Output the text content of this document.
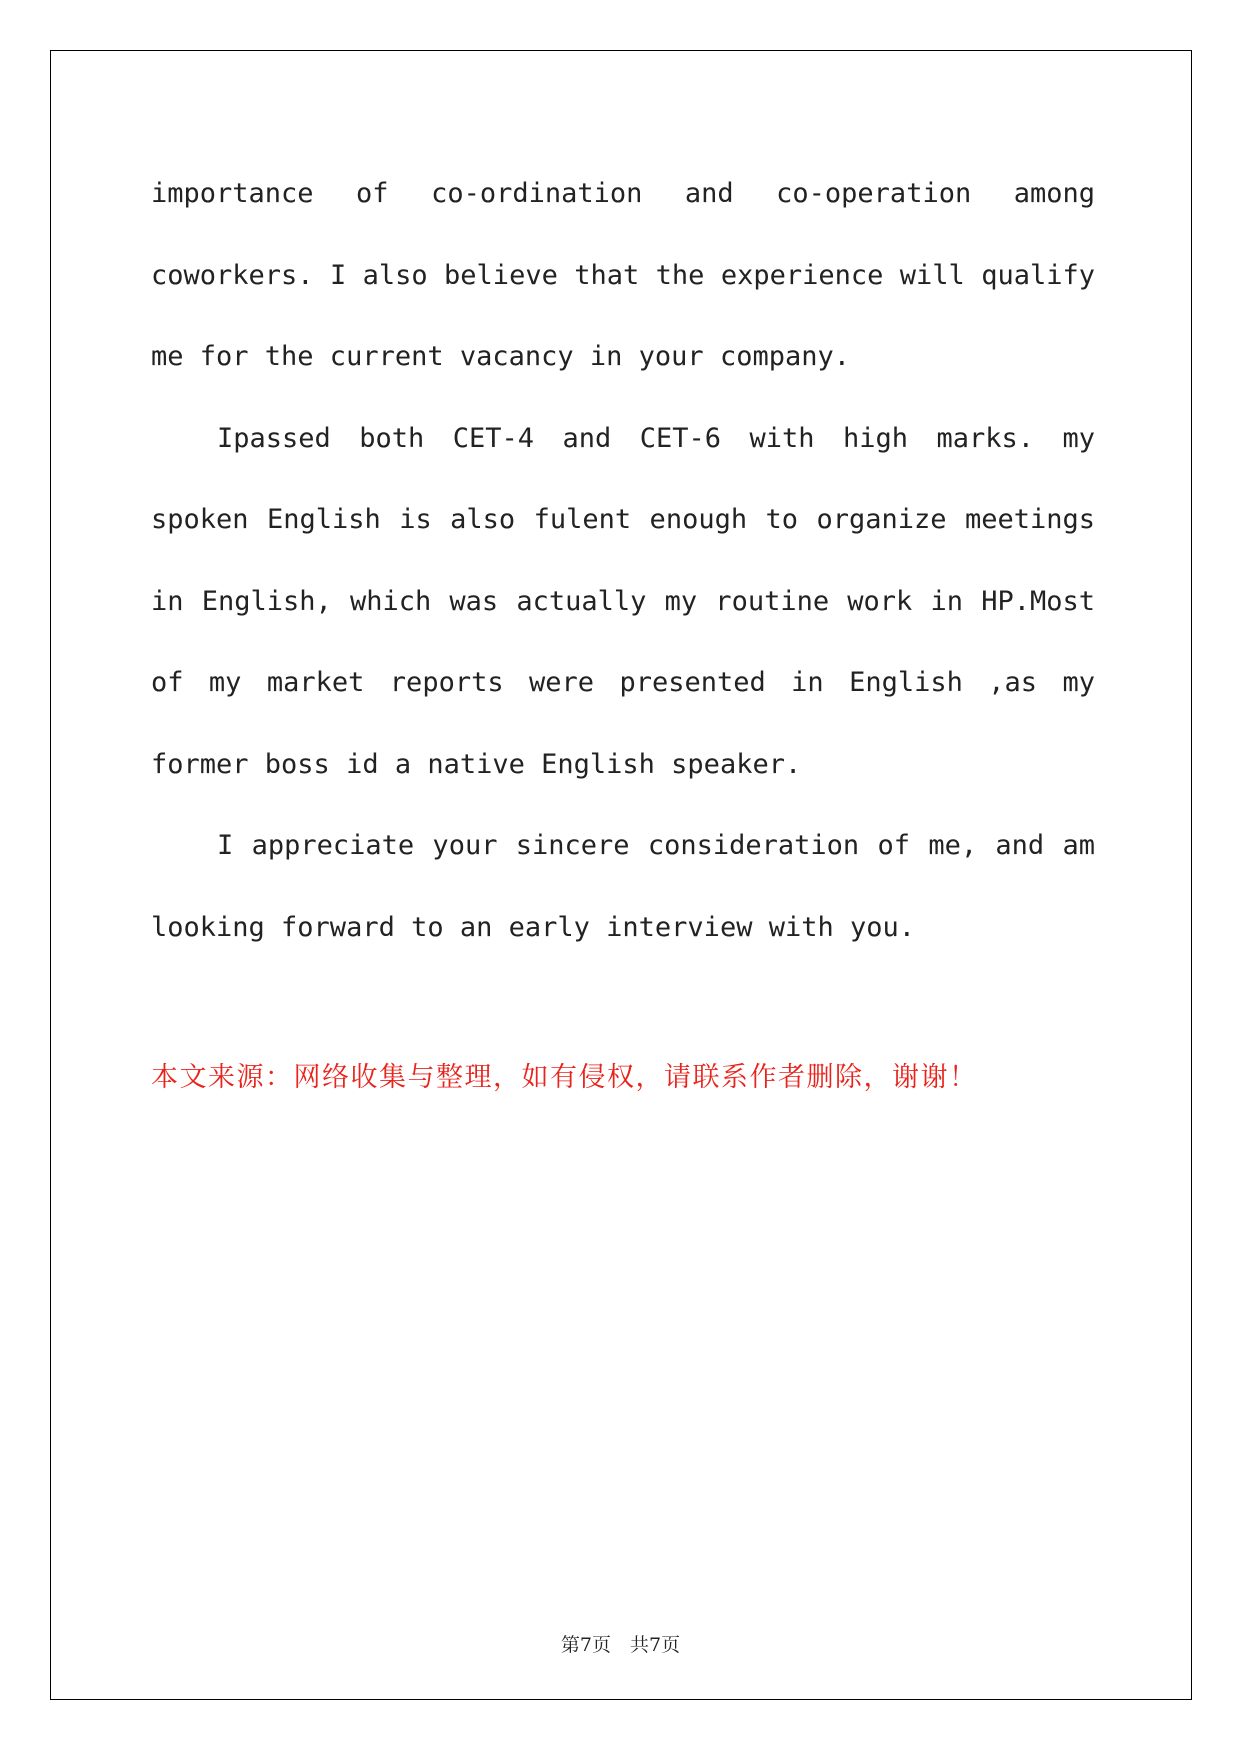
importance of co-ordination and co-operation among coworkers. I also believe that the experience will qualify me for the current vacancy in your company.

Ipassed both CET-4 and CET-6 with high marks. my spoken English is also fulent enough to organize meetings in English, which was actually my routine work in HP.Most of my market reports were presented in English ,as my former boss id a native English speaker.

I appreciate your sincere consideration of me, and am looking forward to an early interview with you.

本文来源：网络收集与整理，如有侵权，请联系作者删除，谢谢！
第7页　共7页
